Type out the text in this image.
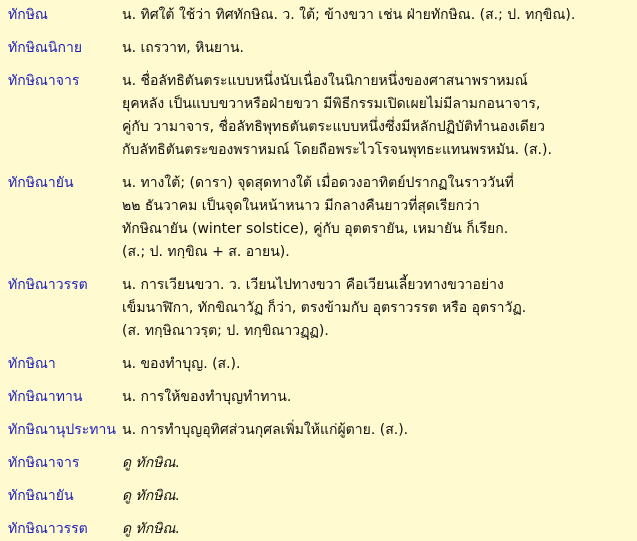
ทักษิณ	น. ทิศใต้ ใช้ว่า ทิศทักษิณ. ว. ใต้; ข้างขวา เช่น ฝ่ายทักษิณ. (ส.; ป. ทกฺขิณ).
ทักษิณนิกาย	น. เถรวาท, หินยาน.
ทักษิณาจาร	น. ชื่อลัทธิตันตระแบบหนึ่งนับเนื่องในนิกายหนึ่งของศาสนาพราหมณ์
ยุคหลัง เป็นแบบขวาหรือฝ่ายขวา มีพิธีกรรมเปิดเผยไม่มีลามกอนาจาร,
คู่กับ วามาจาร, ชื่อลัทธิพุทธตันตระแบบหนึ่งซึ่งมีหลักปฏิบัติทำนองเดียว
กับลัทธิตันตระของพราหมณ์ โดยถือพระไวโรจนพุทธะแทนพรหมัน. (ส.).
ทักษิณายัน	น. ทางใต้; (ดารา) จุดสุดทางใต้ เมื่อดวงอาทิตย์ปรากฏในราววันที่
๒๒ ธันวาคม เป็นจุดในหน้าหนาว มีกลางคืนยาวที่สุดเรียกว่า
ทักษิณายัน (winter solstice), คู่กับ อุตตรายัน, เหมายัน ก็เรียก.
(ส.; ป. ทกฺขิณ + ส. อายน).
ทักษิณาวรรต	น. การเวียนขวา. ว. เวียนไปทางขวา คือเวียนเลี้ยวทางขวาอย่าง
เข็มนาฬิกา, ทักขิณาวัฏ ก็ว่า, ตรงข้ามกับ อุตราวรรต หรือ อุตราวัฏ.
(ส. ทกฺษิณาวรฺต; ป. ทกฺขิณาวฏฺฏ).
ทักษิณา	น. ของทำบุญ. (ส.).
ทักษิณาทาน	น. การให้ของทำบุญทำทาน.
ทักษิณานุประทาน น. การทำบุญอุทิศส่วนกุศลเพิ่มให้แก่ผู้ตาย. (ส.).
ทักษิณาจาร	ดู ทักษิณ.
ทักษิณายัน	ดู ทักษิณ.
ทักษิณาวรรต	ดู ทักษิณ.
